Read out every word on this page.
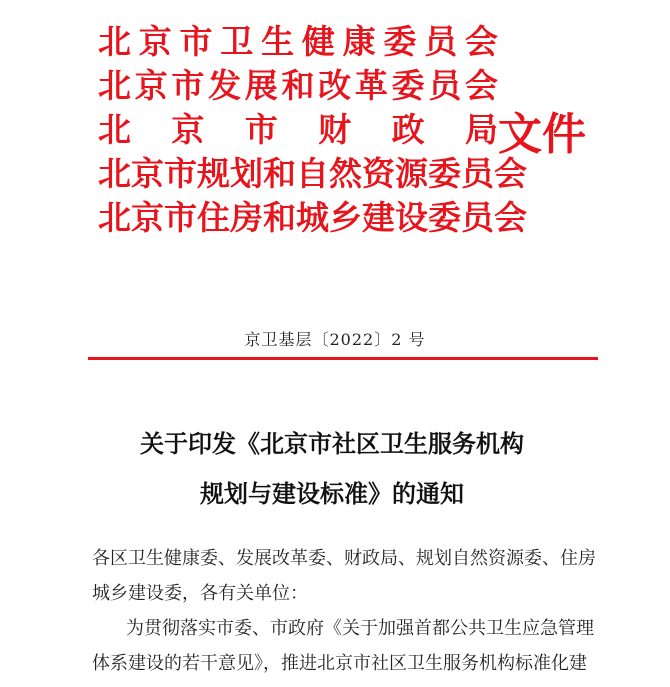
北 京 市 卫 生 健 康 委 员 会
北 京 市 发 展 和 改 革 委 员 会
北 京 市 财 政 局
北 京 市 规 划 和 自 然 资 源 委 员 会
北 京 市 住 房 和 城 乡 建 设 委 员 会
文件
京卫基层〔2022〕2 号
关于印发《北京市社区卫生服务机构
规划与建设标准》的通知
各区卫生健康委、发展改革委、财政局、规划自然资源委、住房
城乡建设委，各有关单位：
为贯彻落实市委、市政府《关于加强首都公共卫生应急管理
体系建设的若干意见》，推进北京市社区卫生服务机构标准化建
